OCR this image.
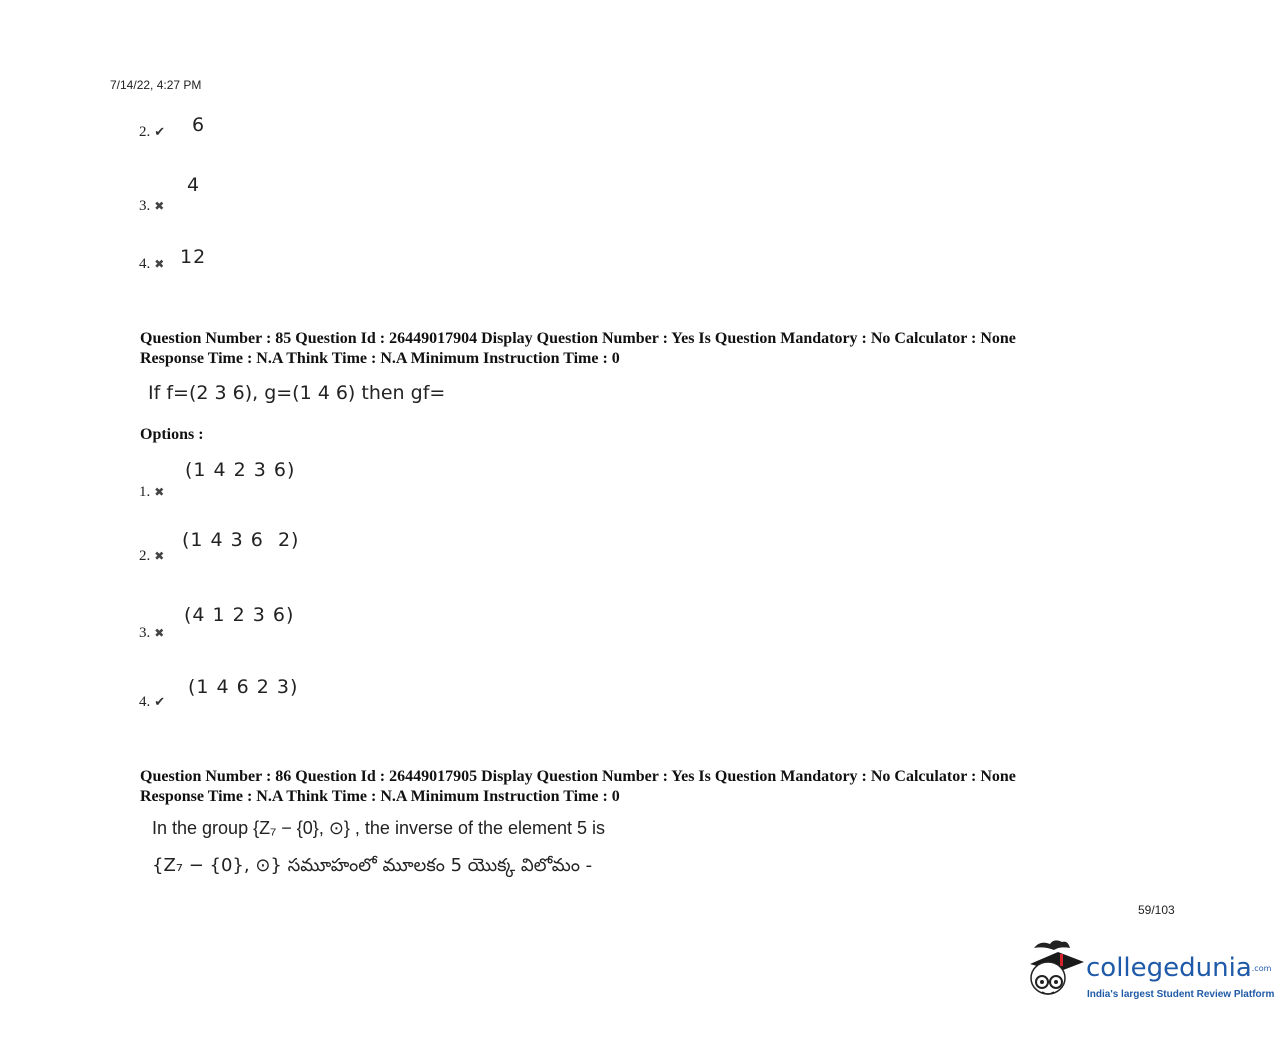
7/14/22, 4:27 PM
2. ✔ 6
3. ✖
4
4. ✖ 12
Question Number : 85 Question Id : 26449017904 Display Question Number : Yes Is Question Mandatory : No Calculator : None
Response Time : N.A Think Time : N.A Minimum Instruction Time : 0
If f=(2 3 6), g=(1 4 6) then gf=
Options :
1. ✖
(1 4 2 3 6)
2. ✖
(1 4 3 6  2)
3. ✖
(4 1 2 3 6)
4. ✔
(1 4 6 2 3)
Question Number : 86 Question Id : 26449017905 Display Question Number : Yes Is Question Mandatory : No Calculator : None
Response Time : N.A Think Time : N.A Minimum Instruction Time : 0
In the group {Z₇ − {0}, ⊙} , the inverse of the element 5 is
{Z₇ − {0}, ⊙} సమూహంలో మూలకం 5 యొక్క విలోమం -
59/103
collegedunia.com
India's largest Student Review Platform
